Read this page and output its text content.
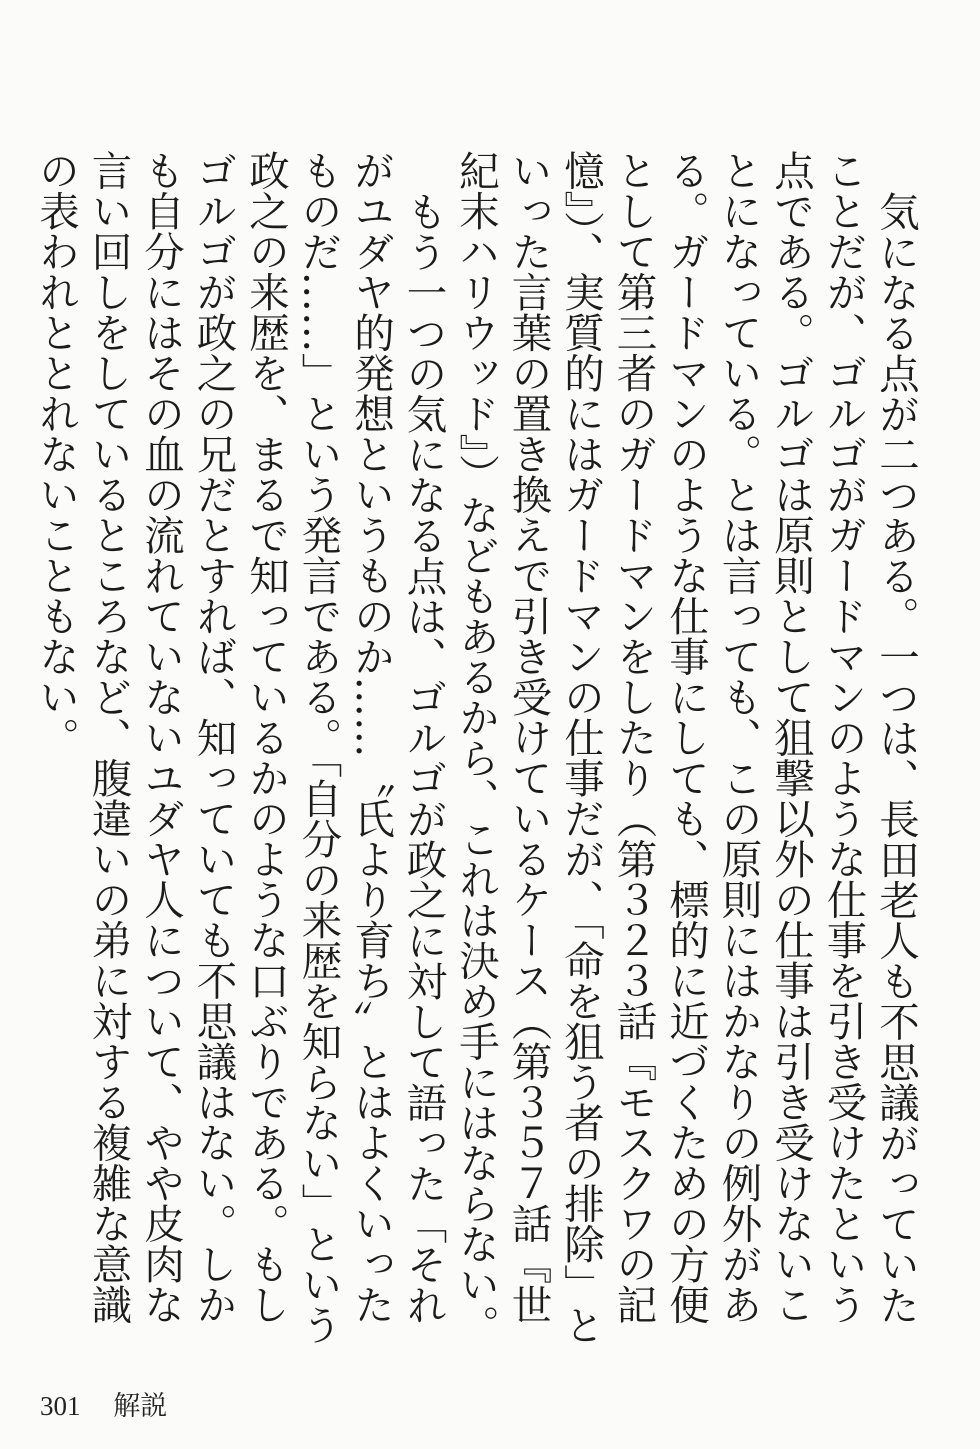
気になる点が二つある。一つは、長田老人も不思議がっていたことだが、ゴルゴがガードマンのような仕事を引き受けたという点である。ゴルゴは原則として狙撃以外の仕事は引き受けないことになっている。とは言っても、この原則にはかなりの例外がある。ガードマンのような仕事にしても、標的に近づくための方便として第三者のガードマンをしたり（第３２３話『モスクワの記憶』）、実質的にはガードマンの仕事だが、「命を狙う者の排除」といった言葉の置き換えで引き受けているケース（第３５７話『世紀末ハリウッド』）などもあるから、これは決め手にはならない。

もう一つの気になる点は、ゴルゴが政之に対して語った「それがユダヤ的発想というものか……〝氏より育ち〟とはよくいったものだ……」という発言である。「自分の来歴を知らない」という政之の来歴を、まるで知っているかのような口ぶりである。もしゴルゴが政之の兄だとすれば、知っていても不思議はない。しかも自分にはその血の流れていないユダヤ人について、やや皮肉な言い回しをしているところなど、腹違いの弟に対する複雑な意識の表われととれないこともない。

301 解説
